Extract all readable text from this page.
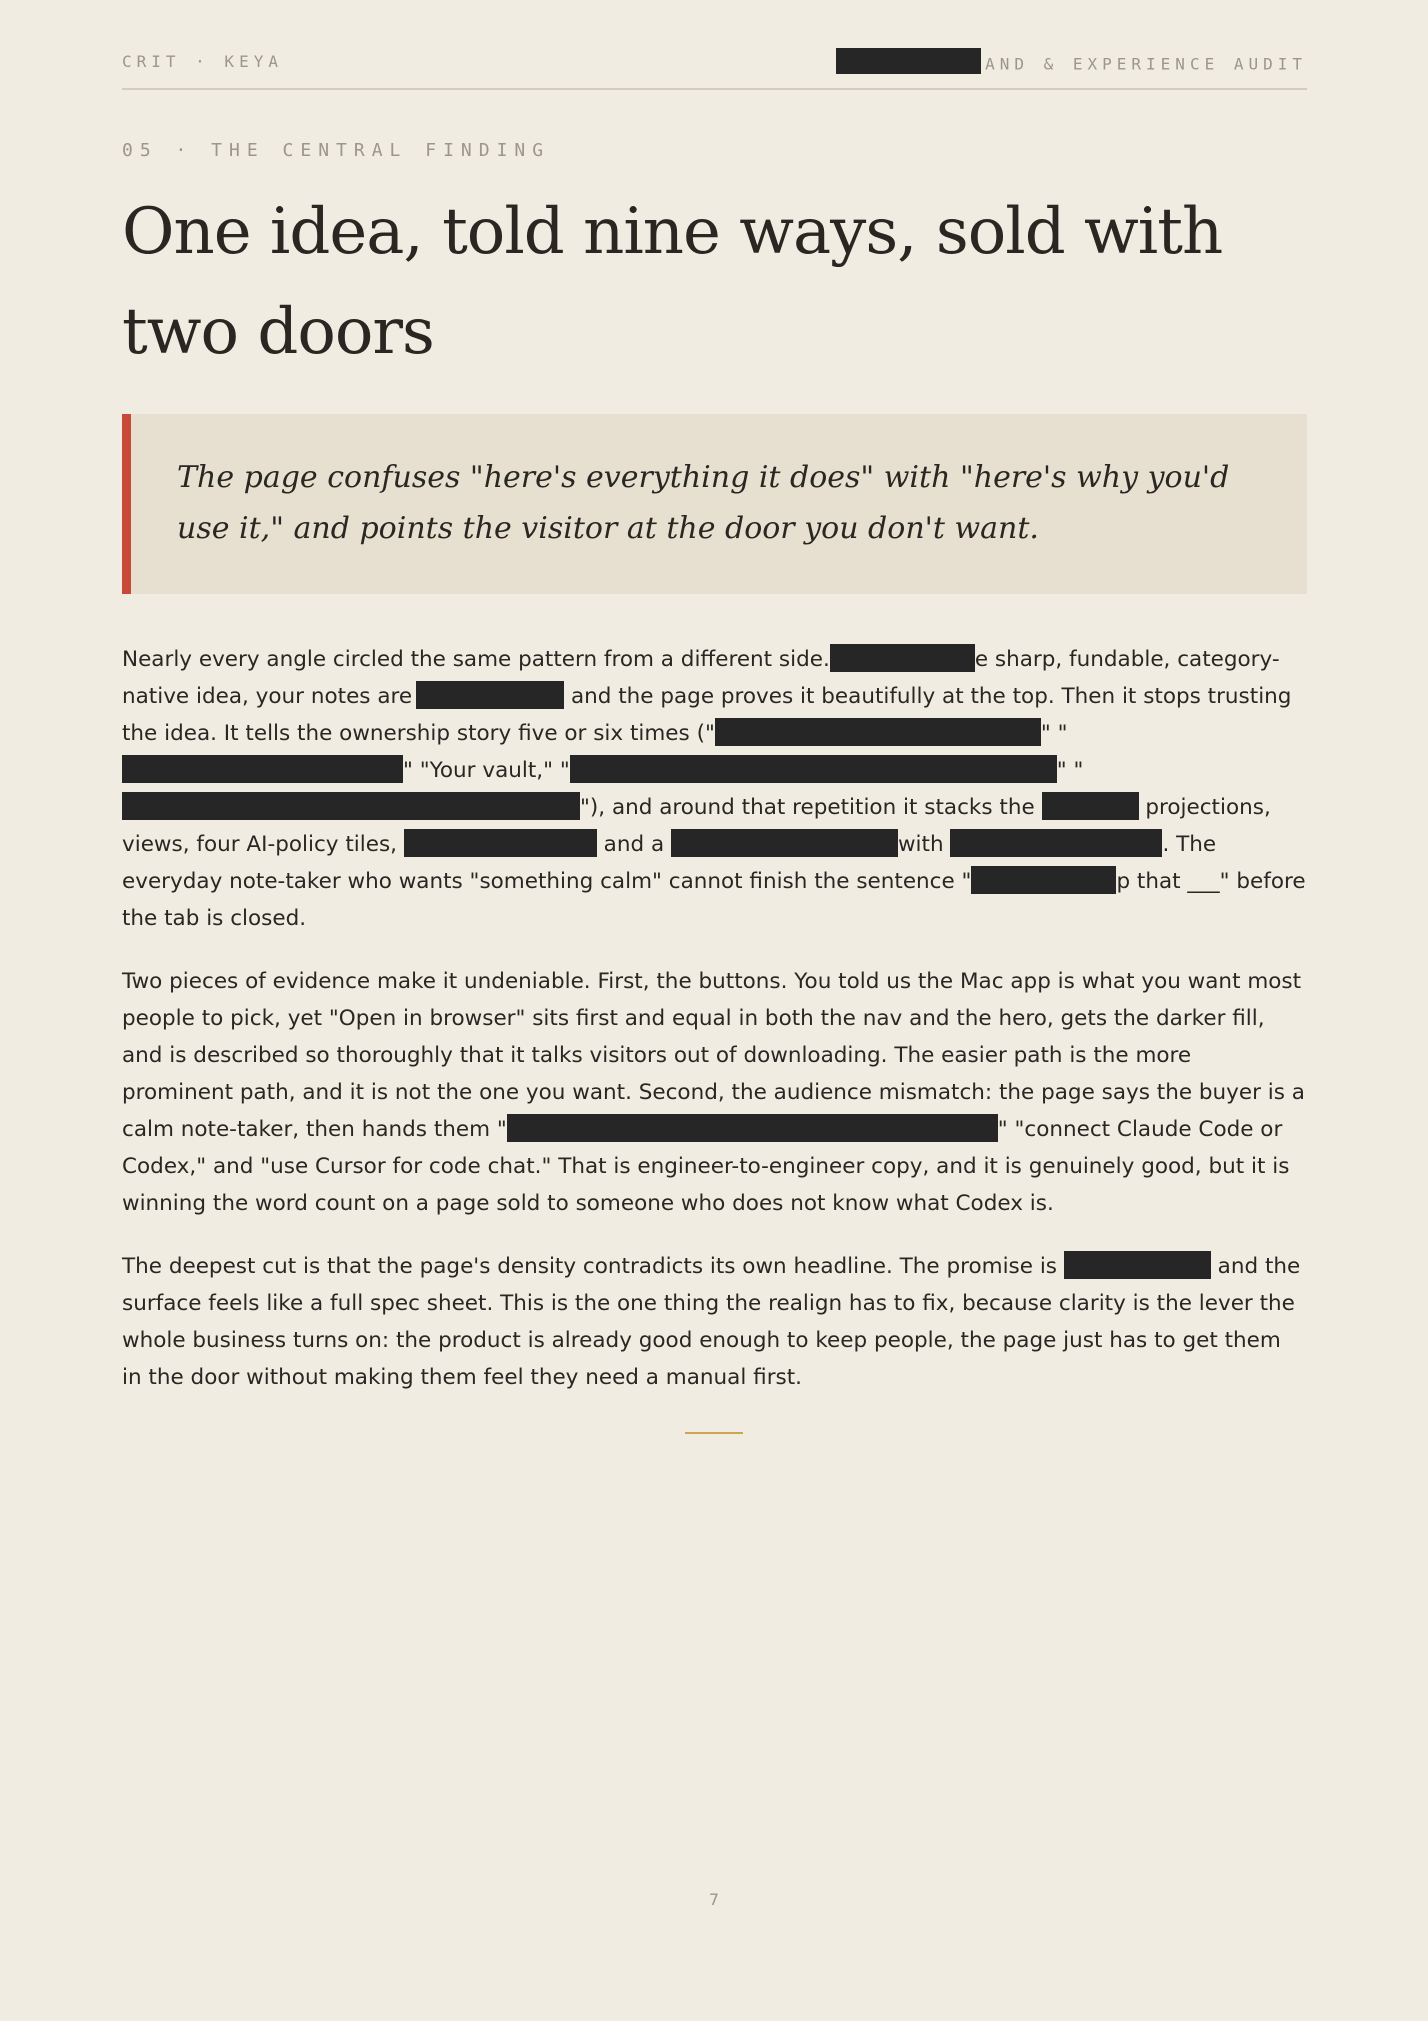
CRIT · KEYA	AND & EXPERIENCE AUDIT
05 · THE CENTRAL FINDING
One idea, told nine ways, sold with two doors

The page confuses "here's everything it does" with "here's why you'd use it," and points the visitor at the door you don't want.

Nearly every angle circled the same pattern from a different side.	e sharp, fundable, category-native idea, your notes are	and the page proves it beautifully at the top. Then it stops trusting the idea. It tells the ownership story five or six times ("	" "" "Your vault," "	" ""), and around that repetition it stacks the	projections, views, four AI-policy tiles,	and a	with	. The everyday note-taker who wants "something calm" cannot finish the sentence "	p that ___" before the tab is closed.

Two pieces of evidence make it undeniable. First, the buttons. You told us the Mac app is what you want most people to pick, yet "Open in browser" sits first and equal in both the nav and the hero, gets the darker fill, and is described so thoroughly that it talks visitors out of downloading. The easier path is the more prominent path, and it is not the one you want. Second, the audience mismatch: the page says the buyer is a calm note-taker, then hands them "	" "connect Claude Code or Codex," and "use Cursor for code chat." That is engineer-to-engineer copy, and it is genuinely good, but it is winning the word count on a page sold to someone who does not know what Codex is.

The deepest cut is that the page's density contradicts its own headline. The promise is	and the surface feels like a full spec sheet. This is the one thing the realign has to fix, because clarity is the lever the whole business turns on: the product is already good enough to keep people, the page just has to get them in the door without making them feel they need a manual first.

7
